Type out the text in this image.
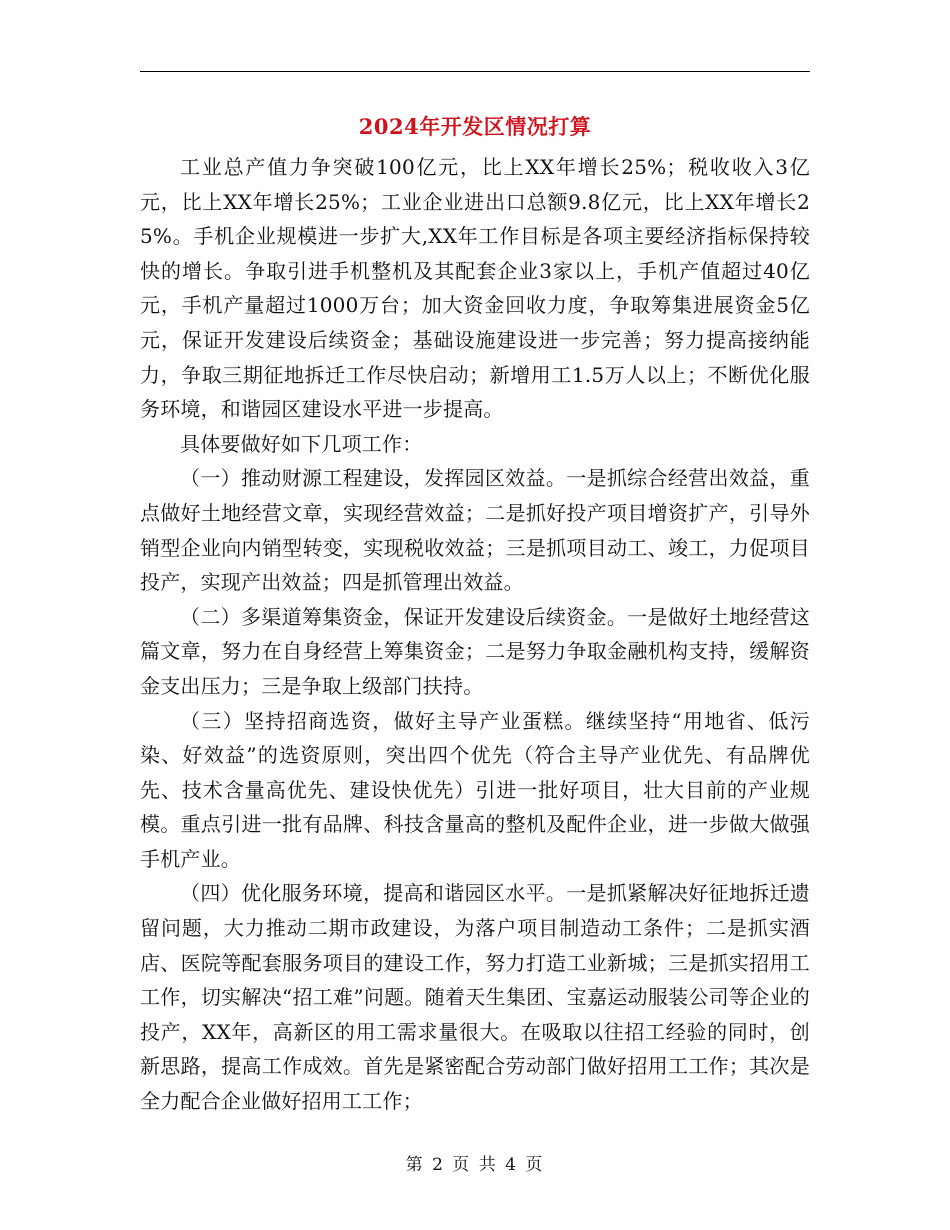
2024年开发区情况打算

工业总产值力争突破100亿元，比上XX年增长25%；税收收入3亿元，比上XX年增长25%；工业企业进出口总额9.8亿元，比上XX年增长25%。手机企业规模进一步扩大,XX年工作目标是各项主要经济指标保持较快的增长。争取引进手机整机及其配套企业3家以上，手机产值超过40亿元，手机产量超过1000万台；加大资金回收力度，争取筹集进展资金5亿元，保证开发建设后续资金；基础设施建设进一步完善；努力提高接纳能力，争取三期征地拆迁工作尽快启动；新增用工1.5万人以上；不断优化服务环境，和谐园区建设水平进一步提高。

具体要做好如下几项工作：

（一）推动财源工程建设，发挥园区效益。一是抓综合经营出效益，重点做好土地经营文章，实现经营效益；二是抓好投产项目增资扩产，引导外销型企业向内销型转变，实现税收效益；三是抓项目动工、竣工，力促项目投产，实现产出效益；四是抓管理出效益。

（二）多渠道筹集资金，保证开发建设后续资金。一是做好土地经营这篇文章，努力在自身经营上筹集资金；二是努力争取金融机构支持，缓解资金支出压力；三是争取上级部门扶持。

（三）坚持招商选资，做好主导产业蛋糕。继续坚持“用地省、低污染、好效益”的选资原则，突出四个优先（符合主导产业优先、有品牌优先、技术含量高优先、建设快优先）引进一批好项目，壮大目前的产业规模。重点引进一批有品牌、科技含量高的整机及配件企业，进一步做大做强手机产业。

（四）优化服务环境，提高和谐园区水平。一是抓紧解决好征地拆迁遗留问题，大力推动二期市政建设，为落户项目制造动工条件；二是抓实酒店、医院等配套服务项目的建设工作，努力打造工业新城；三是抓实招用工工作，切实解决“招工难”问题。随着天生集团、宝嘉运动服装公司等企业的投产，XX年，高新区的用工需求量很大。在吸取以往招工经验的同时，创新思路，提高工作成效。首先是紧密配合劳动部门做好招用工工作；其次是全力配合企业做好招用工工作；

第 2 页 共 4 页
